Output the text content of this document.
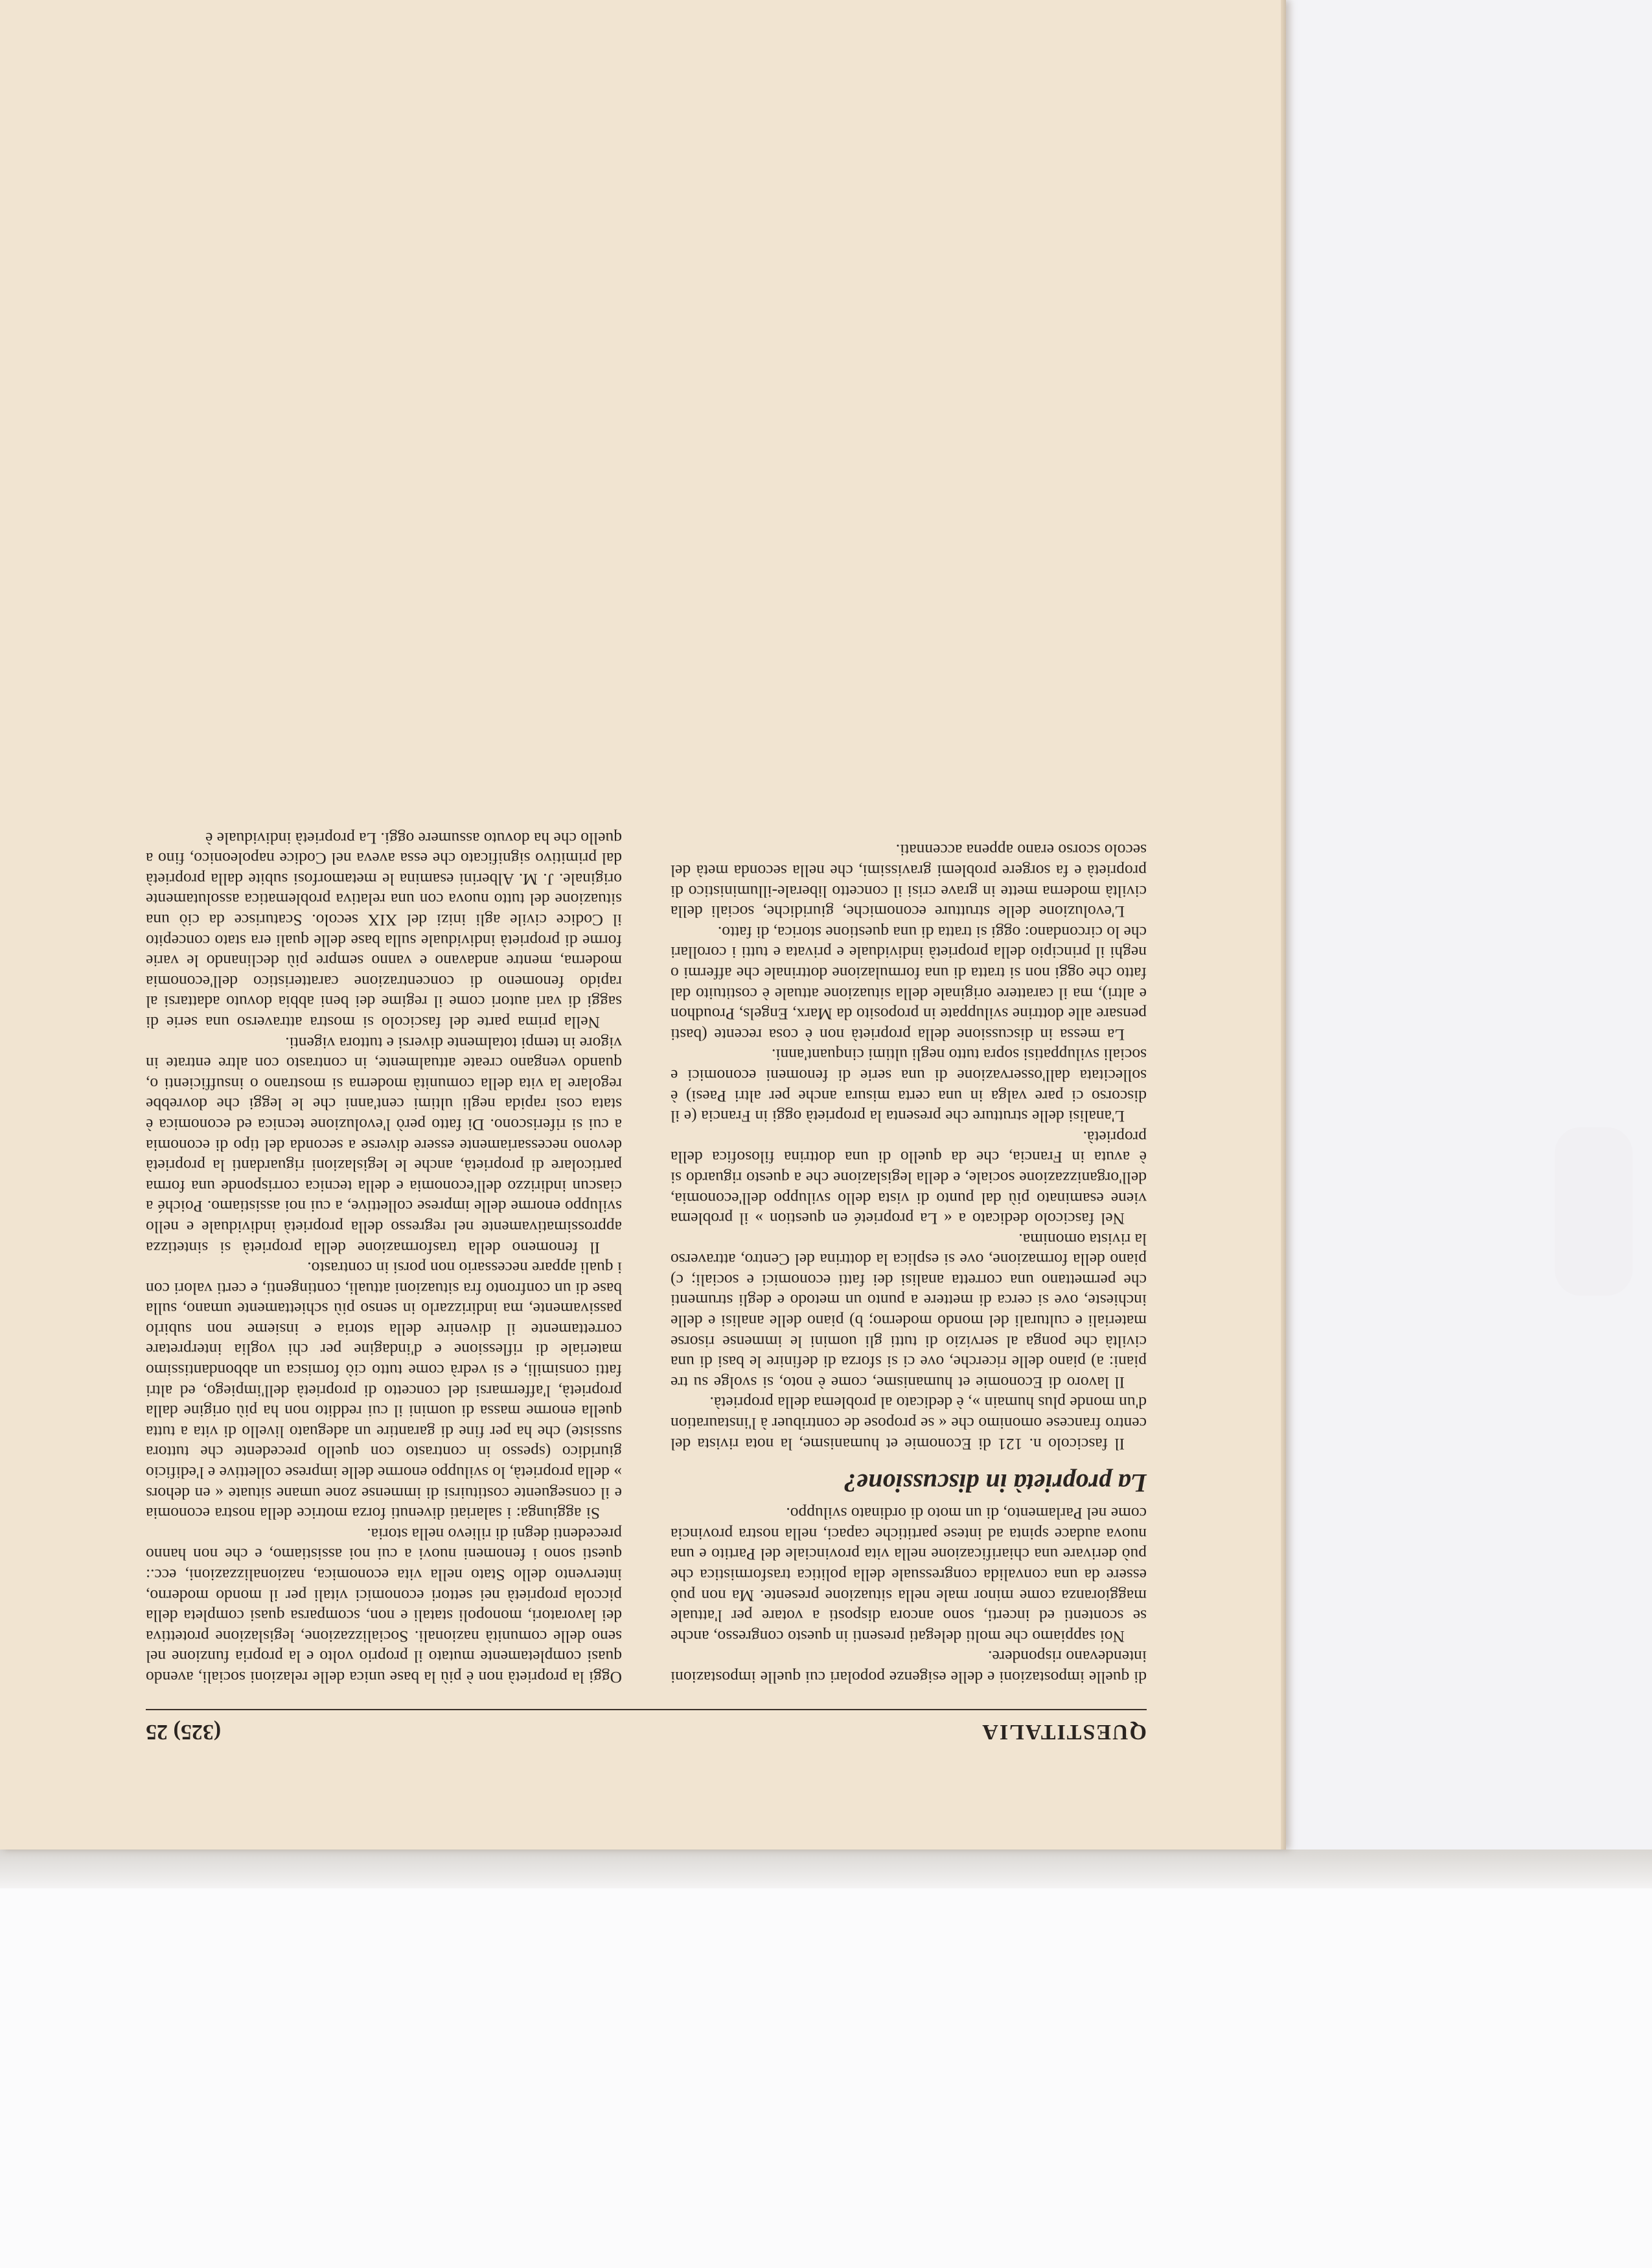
QUESTITALIA
(325) 25

di quelle impostazioni e delle esigenze popolari cui quelle impostazioni intendevano rispondere.

Noi sappiamo che molti delegati presenti in questo congresso, anche se scontenti ed incerti, sono ancora disposti a votare per l'attuale maggioranza come minor male nella situazione presente. Ma non può essere da una convalida congressuale della politica trasformistica che può derivare una chiarificazione nella vita provinciale del Partito e una nuova audace spinta ad intese partitiche capaci, nella nostra provincia come nel Parlamento, di un moto di ordinato sviluppo.

La proprietà in discussione?

Il fascicolo n. 121 di Economie et humanisme, la nota rivista del centro francese omonimo che « se propose de contribuer à l'instauration d'un monde plus humain », è dedicato al problema della proprietà.

Il lavoro di Economie et humanisme, come è noto, si svolge su tre piani: a) piano delle ricerche, ove ci si sforza di definire le basi di una civiltà che ponga al servizio di tutti gli uomini le immense risorse materiali e culturali del mondo moderno; b) piano delle analisi e delle inchieste, ove si cerca di mettere a punto un metodo e degli strumenti che permettano una corretta analisi dei fatti economici e sociali; c) piano della formazione, ove si esplica la dottrina del Centro, attraverso la rivista omonima.

Nel fascicolo dedicato a « La proprieté en question » il problema viene esaminato più dal punto di vista dello sviluppo dell'economia, dell'organizzazione sociale, e della legislazione che a questo riguardo si è avuta in Francia, che da quello di una dottrina filosofica della proprietà.

L'analisi delle strutture che presenta la proprietà oggi in Francia (e il discorso ci pare valga in una certa misura anche per altri Paesi) è sollecitata dall'osservazione di una serie di fenomeni economici e sociali sviluppatisi sopra tutto negli ultimi cinquant'anni.

La messa in discussione della proprietà non è cosa recente (basti pensare alle dottrine sviluppate in proposito da Marx, Engels, Proudhon e altri), ma il carattere originale della situazione attuale è costituito dal fatto che oggi non si tratta di una formulazione dottrinale che affermi o neghi il principio della proprietà individuale e privata e tutti i corollari che lo circondano: oggi si tratta di una questione storica, di fatto.

L'evoluzione delle strutture economiche, giuridiche, sociali della civiltà moderna mette in grave crisi il concetto liberale-illuministico di proprietà e fa sorgere problemi gravissimi, che nella seconda metà del secolo scorso erano appena accennati.

Oggi la proprietà non è più la base unica delle relazioni sociali, avendo quasi completamente mutato il proprio volto e la propria funzione nel seno delle comunità nazionali. Socializzazione, legislazione protettiva dei lavoratori, monopoli statali e non, scomparsa quasi completa della piccola proprietà nei settori economici vitali per il mondo moderno, intervento dello Stato nella vita economica, nazionalizzazioni, ecc.: questi sono i fenomeni nuovi a cui noi assistiamo, e che non hanno precedenti degni di rilievo nella storia.

Si aggiunga: i salariati divenuti forza motrice della nostra economia e il conseguente costituirsi di immense zone umane situate « en dehors » della proprietà, lo sviluppo enorme delle imprese collettive e l'edificio giuridico (spesso in contrasto con quello precedente che tuttora sussiste) che ha per fine di garantire un adeguato livello di vita a tutta quella enorme massa di uomini il cui reddito non ha più origine dalla proprietà, l'affermarsi del concetto di proprietà dell'impiego, ed altri fatti consimili, e si vedrà come tutto ciò fornisca un abbondantissimo materiale di riflessione e d'indagine per chi voglia interpretare correttamente il divenire della storia e insieme non subirlo passivamente, ma indirizzarlo in senso più schiettamente umano, sulla base di un confronto fra situazioni attuali, contingenti, e certi valori con i quali appare necessario non porsi in contrasto.

Il fenomeno della trasformazione della proprietà si sintetizza approssimativamente nel regresso della proprietà individuale e nello sviluppo enorme delle imprese collettive, a cui noi assistiamo. Poiché a ciascun indirizzo dell'economia e della tecnica corrisponde una forma particolare di proprietà, anche le legislazioni riguardanti la proprietà devono necessariamente essere diverse a seconda del tipo di economia a cui si riferiscono. Di fatto però l'evoluzione tecnica ed economica è stata così rapida negli ultimi cent'anni che le leggi che dovrebbe regolare la vita della comunità moderna si mostrano o insufficienti o, quando vengano create attualmente, in contrasto con altre entrate in vigore in tempi totalmente diversi e tuttora vigenti.

Nella prima parte del fascicolo si mostra attraverso una serie di saggi di vari autori come il regime dei beni abbia dovuto adattarsi al rapido fenomeno di concentrazione caratteristico dell'economia moderna, mentre andavano e vanno sempre più declinando le varie forme di proprietà individuale sulla base delle quali era stato concepito il Codice civile agli inizi del XIX secolo. Scaturisce da ciò una situazione del tutto nuova con una relativa problematica assolutamente originale. J. M. Alberini esamina le metamorfosi subite dalla proprietà dal primitivo significato che essa aveva nel Codice napoleonico, fino a quello che ha dovuto assumere oggi. La proprietà individuale è
